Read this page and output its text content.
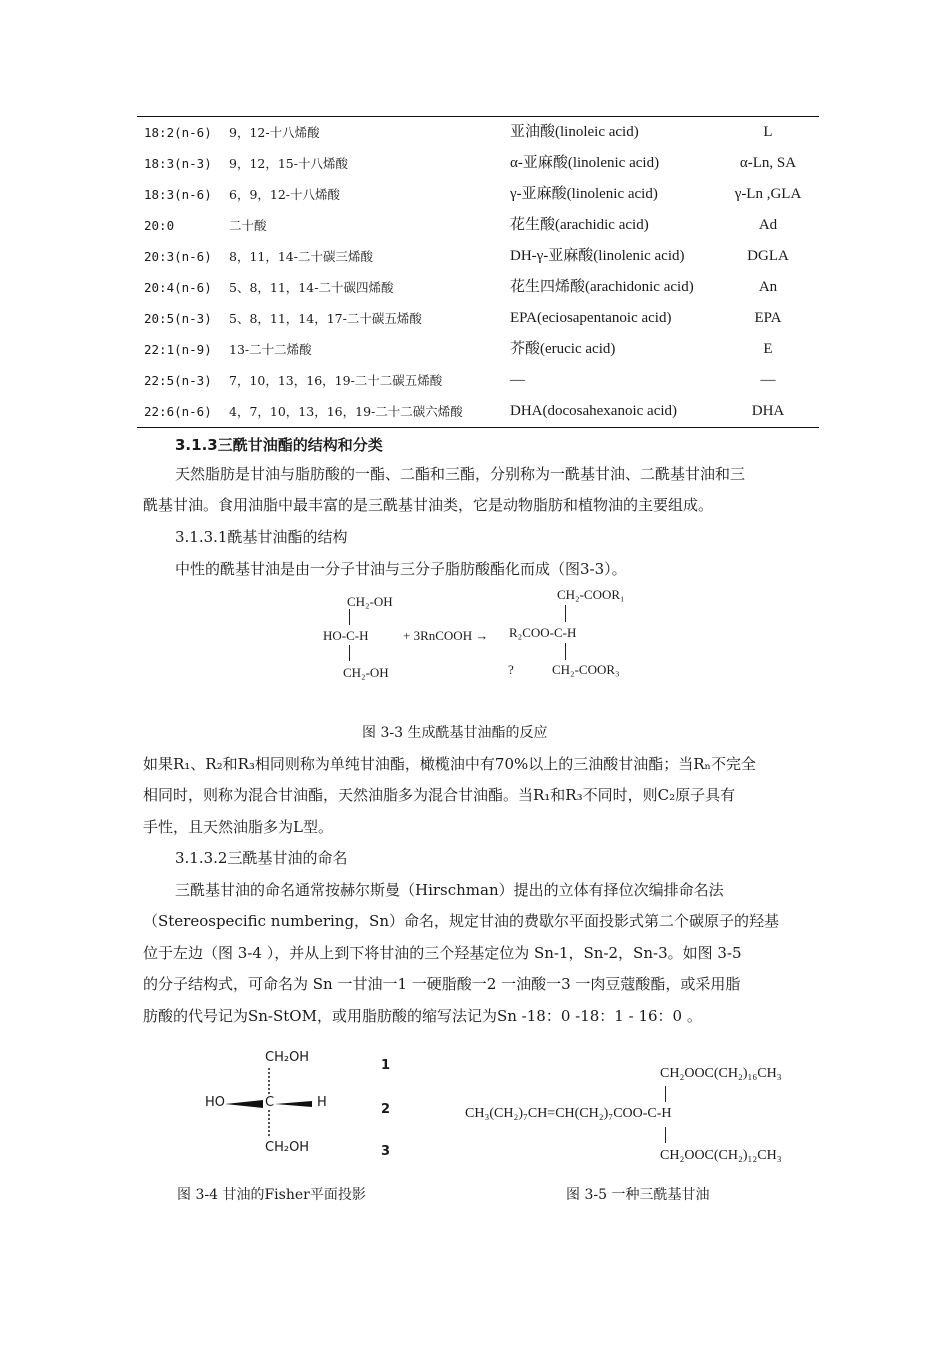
18:2(n-6) 9，12-十八烯酸	亚油酸(linoleic acid)	L
18:3(n-3) 9，12，15-十八烯酸	α-亚麻酸(linolenic acid)	α-Ln, SA
18:3(n-6) 6，9，12-十八烯酸	γ-亚麻酸(linolenic acid)	γ-Ln ,GLA
20:0	二十酸	花生酸(arachidic acid)	Ad
20:3(n-6) 8，11，14-二十碳三烯酸	DH-γ-亚麻酸(linolenic acid)	DGLA
20:4(n-6) 5、8，11，14-二十碳四烯酸	花生四烯酸(arachidonic acid)	An
20:5(n-3) 5、8，11，14，17-二十碳五烯酸	EPA(eciosapentanoic acid)	EPA
22:1(n-9) 13-二十二烯酸	芥酸(erucic acid)	E
22:5(n-3) 7，10，13，16，19-二十二碳五烯酸	—	—
22:6(n-6) 4，7，10，13，16，19-二十二碳六烯酸	DHA(docosahexanoic acid)	DHA
3.1.3三酰甘油酯的结构和分类
天然脂肪是甘油与脂肪酸的一酯、二酯和三酯，分别称为一酰基甘油、二酰基甘油和三
酰基甘油。食用油脂中最丰富的是三酰基甘油类，它是动物脂肪和植物油的主要组成。
3.1.3.1酰基甘油酯的结构
中性的酰基甘油是由一分子甘油与三分子脂肪酸酯化而成（图3-3）。
CH₂-OH
HO-C-H
CH₂-OH
+ 3RnCOOH →
CH₂-COOR₁
R₂COO-C-H
?	CH₂-COOR₃
图 3-3 生成酰基甘油酯的反应
如果R₁、R₂和R₃相同则称为单纯甘油酯，橄榄油中有70%以上的三油酸甘油酯；当Rₙ不完全
相同时，则称为混合甘油酯，天然油脂多为混合甘油酯。当R₁和R₃不同时，则C₂原子具有
手性，且天然油脂多为L型。
3.1.3.2三酰基甘油的命名
三酰基甘油的命名通常按赫尔斯曼（Hirschman）提出的立体有择位次编排命名法
（Stereospecific numbering，Sn）命名，规定甘油的费歇尔平面投影式第二个碳原子的羟基
位于左边（图 3-4 ），并从上到下将甘油的三个羟基定位为 Sn-1，Sn-2，Sn-3。如图 3-5
的分子结构式，可命名为 Sn 一甘油一1 一硬脂酸一2 一油酸一3 一肉豆蔻酸酯，或采用脂
肪酸的代号记为Sn-StOM，或用脂肪酸的缩写法记为Sn -18：0 -18：1 - 16：0 。
CH₂OH
HO	C	H
CH₂OH
1
2
3
图 3-4 甘油的Fisher平面投影
CH₂OOC(CH₂)₁₆CH₃
CH₃(CH₂)₇CH=CH(CH₂)₇COO-C-H
CH₂OOC(CH₂)₁₂CH₃
图 3-5 一种三酰基甘油
